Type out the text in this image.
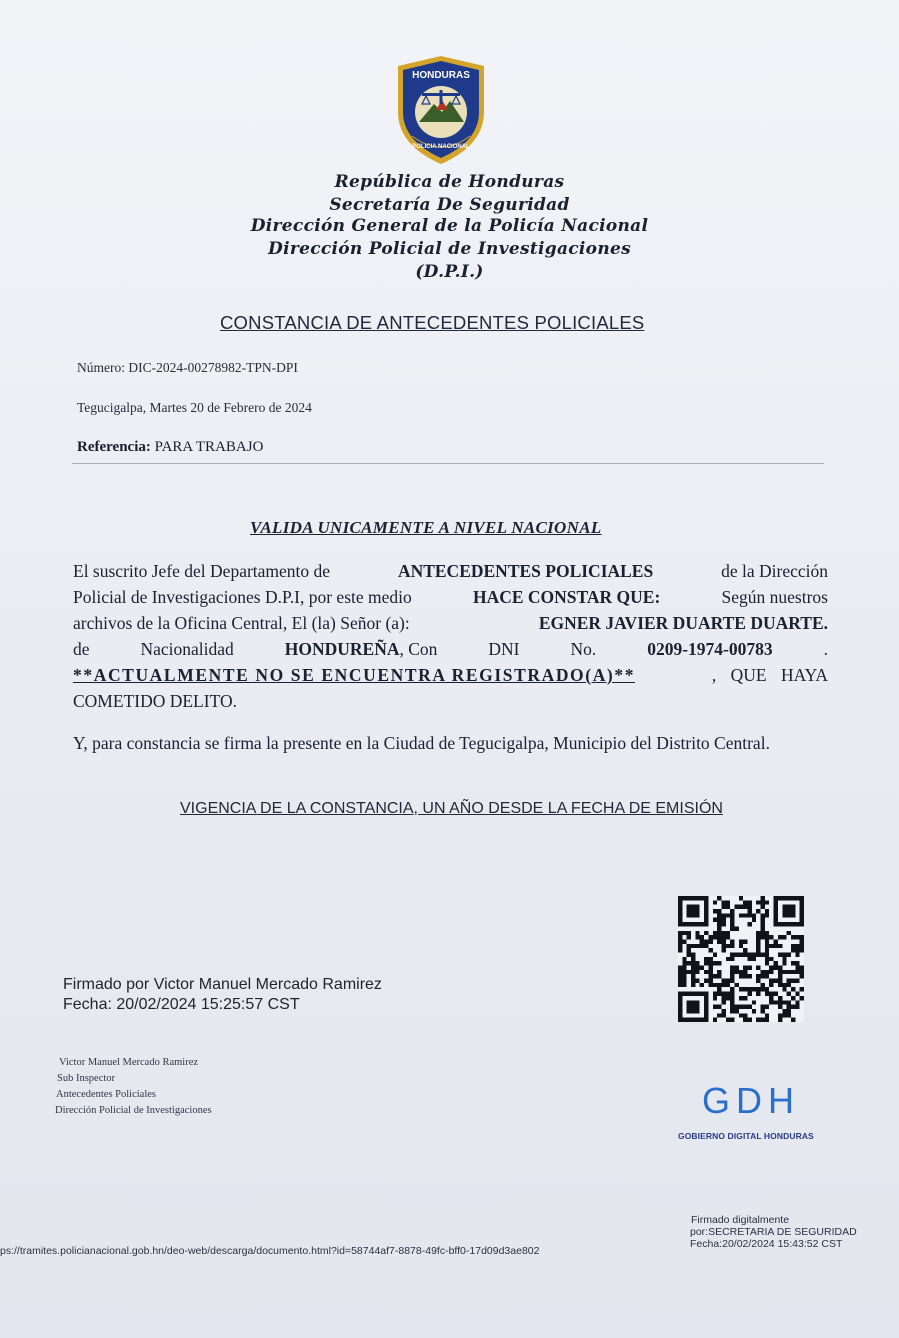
HONDURAS
POLICIA NACIONAL
República de Honduras
Secretaría De Seguridad
Dirección General de la Policía Nacional
Dirección Policial de Investigaciones
(D.P.I.)
CONSTANCIA DE ANTECEDENTES POLICIALES
Número: DIC-2024-00278982-TPN-DPI
Tegucigalpa, Martes 20 de Febrero de 2024
Referencia: PARA TRABAJO
VALIDA UNICAMENTE A NIVEL NACIONAL
El suscrito Jefe del Departamento de	ANTECEDENTES POLICIALES	de la Dirección
Policial de Investigaciones D.P.I, por este medio	HACE CONSTAR QUE:	Según nuestros
archivos de la Oficina Central, El (la) Señor (a):	EGNER JAVIER DUARTE DUARTE.
de	Nacionalidad	HONDUREÑA, Con	DNI	No.	0209-1974-00783	.
**ACTUALMENTE NO SE ENCUENTRA REGISTRADO(A)**	, QUE HAYA
COMETIDO DELITO.
Y, para constancia se firma la presente en la Ciudad de Tegucigalpa, Municipio del Distrito Central.
VIGENCIA DE LA CONSTANCIA, UN AÑO DESDE LA FECHA DE EMISIÓN
Firmado por Victor Manuel Mercado Ramirez
Fecha: 20/02/2024 15:25:57 CST
Victor Manuel Mercado Ramirez
Sub Inspector
Antecedentes Policiales
Dirección Policial de Investigaciones	GDH
GOBIERNO DIGITAL HONDURAS
ps://tramites.policianacional.gob.hn/deo-web/descarga/documento.html?id=58744af7-8878-49fc-bff0-17d09d3ae802
Firmado digitalmente
por:SECRETARIA DE SEGURIDAD
Fecha:20/02/2024 15:43:52 CST
